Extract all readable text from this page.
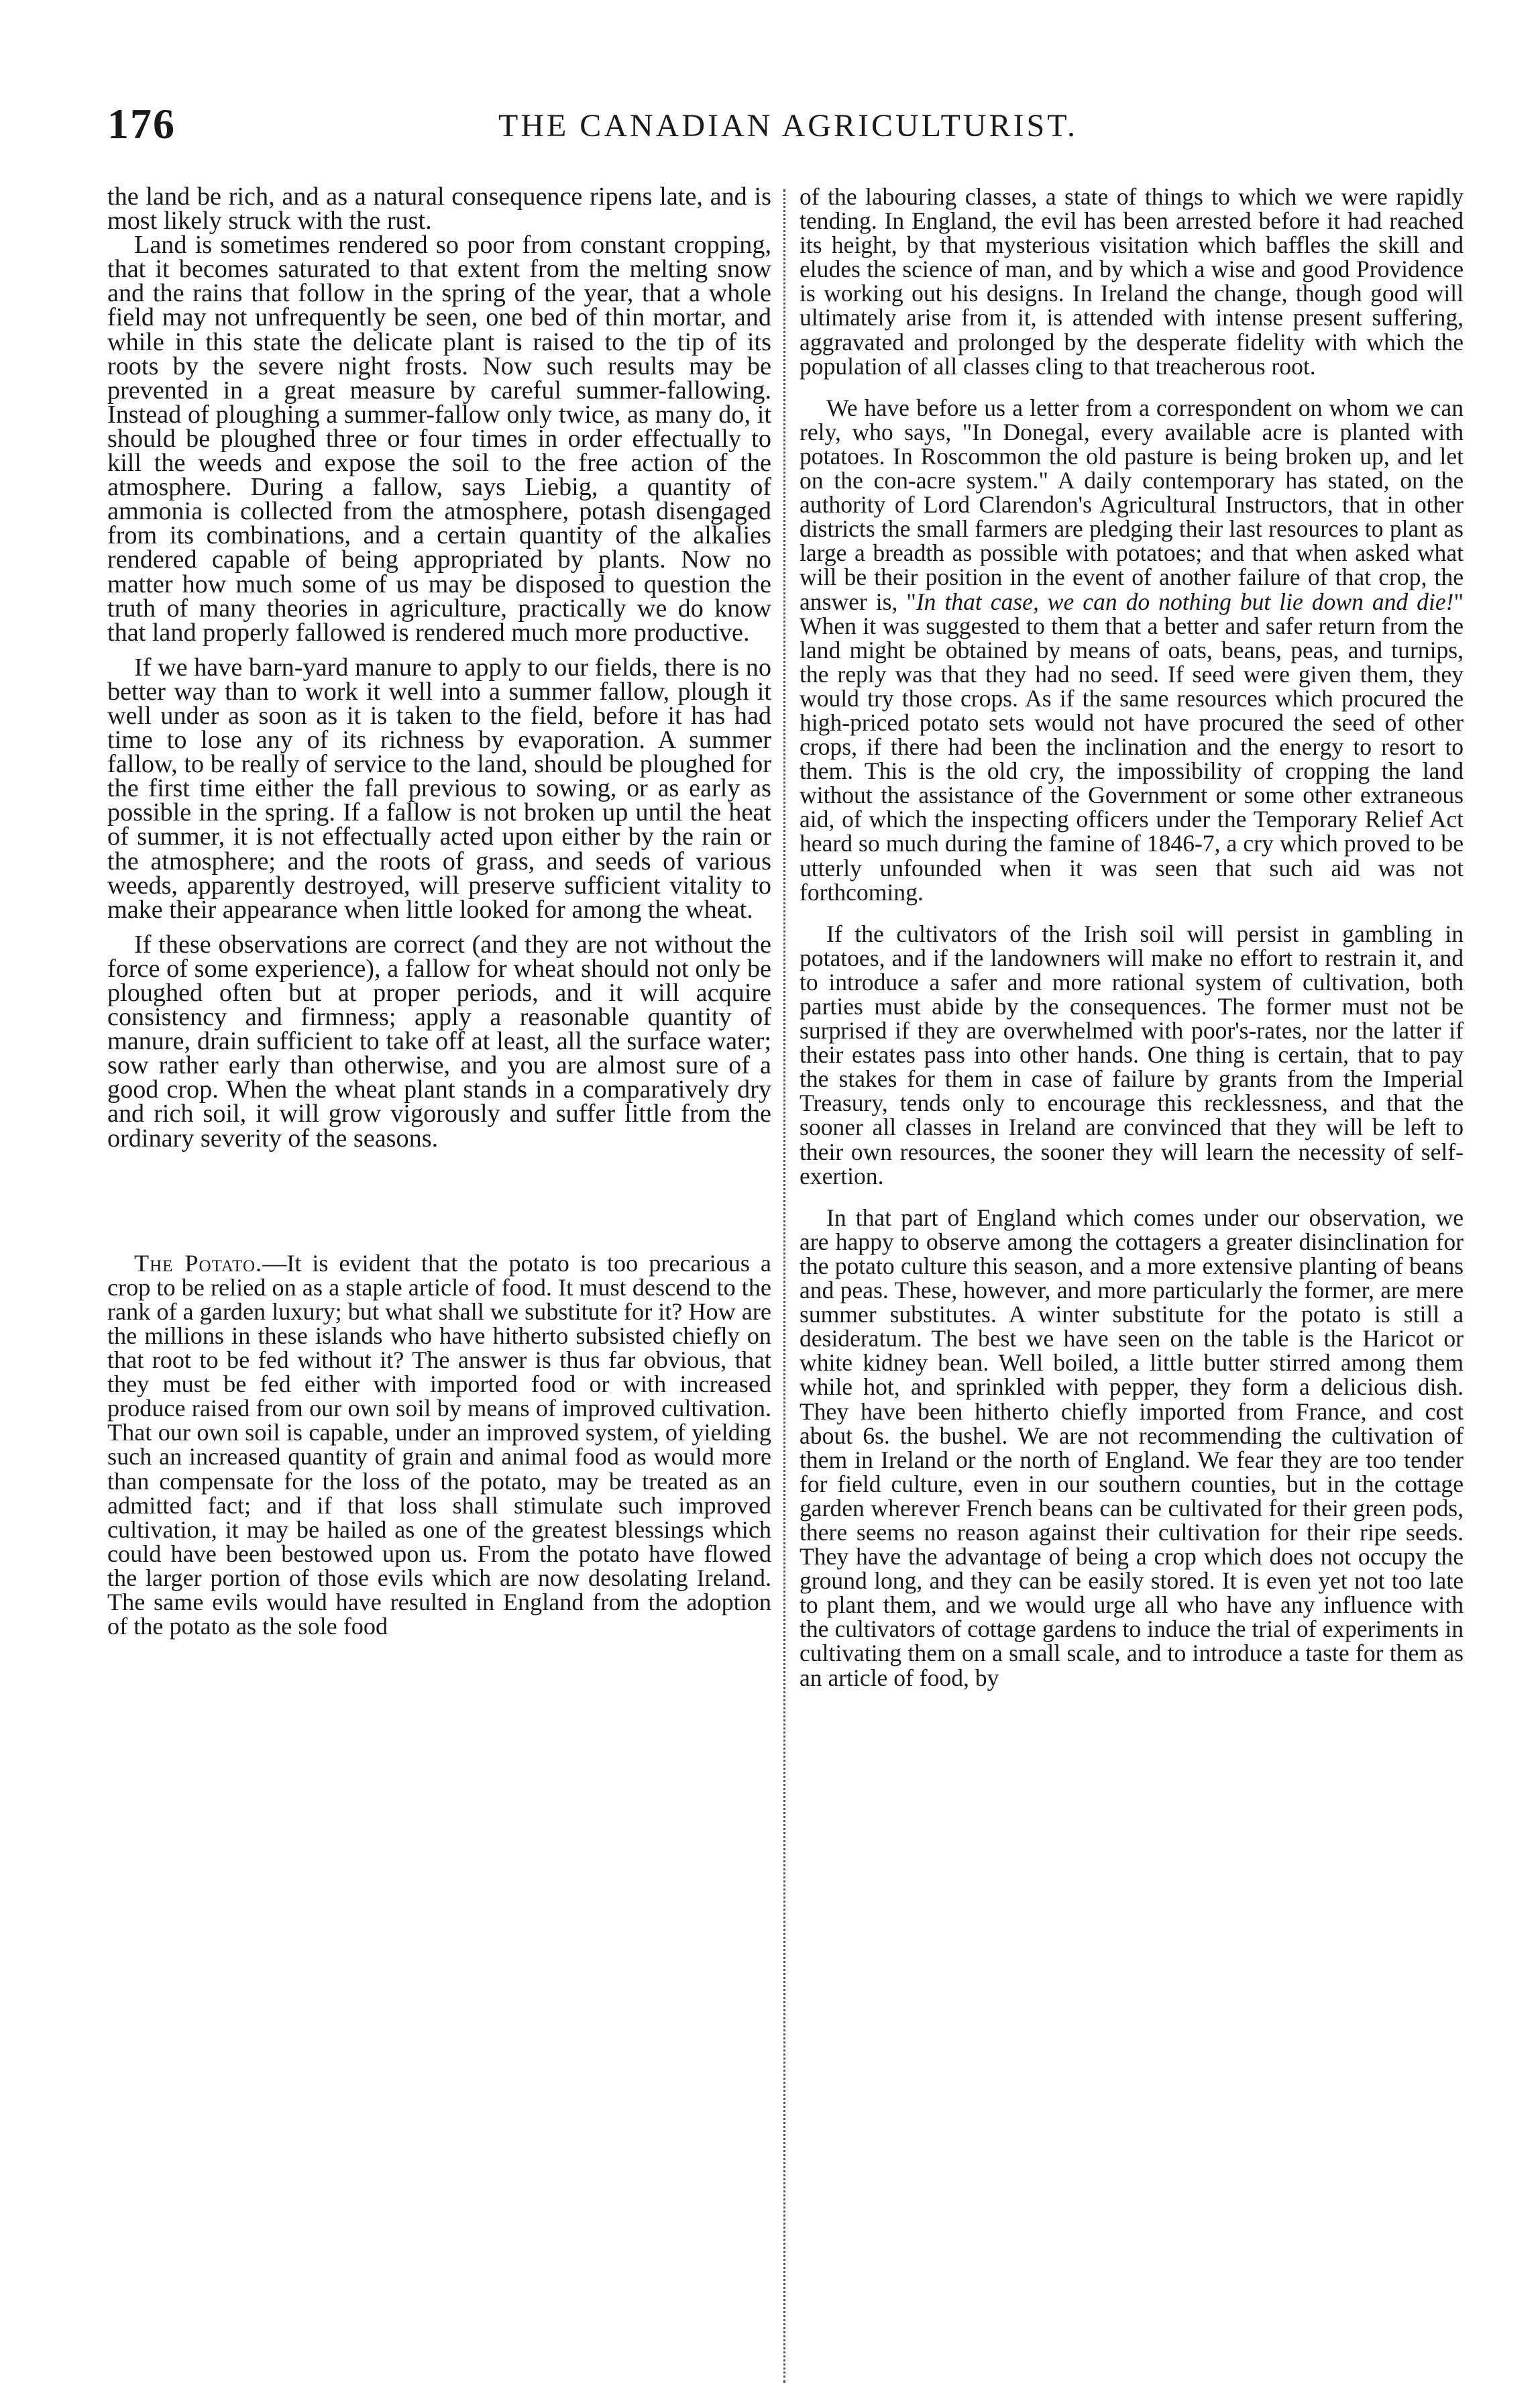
176	THE CANADIAN AGRICULTURIST.

the land be rich, and as a natural consequence ripens late, and is most likely struck with the rust.

Land is sometimes rendered so poor from constant cropping, that it becomes saturated to that extent from the melting snow and the rains that follow in the spring of the year, that a whole field may not unfrequently be seen, one bed of thin mortar, and while in this state the delicate plant is raised to the tip of its roots by the severe night frosts. Now such results may be prevented in a great measure by careful summer-fallowing. Instead of ploughing a summer-fallow only twice, as many do, it should be ploughed three or four times in order effectually to kill the weeds and expose the soil to the free action of the atmosphere. During a fallow, says Liebig, a quantity of ammonia is collected from the atmosphere, potash disengaged from its combinations, and a certain quantity of the alkalies rendered capable of being appropriated by plants. Now no matter how much some of us may be disposed to question the truth of many theories in agriculture, practically we do know that land properly fallowed is rendered much more productive.

If we have barn-yard manure to apply to our fields, there is no better way than to work it well into a summer fallow, plough it well under as soon as it is taken to the field, before it has had time to lose any of its richness by evaporation. A summer fallow, to be really of service to the land, should be ploughed for the first time either the fall previous to sowing, or as early as possible in the spring. If a fallow is not broken up until the heat of summer, it is not effectually acted upon either by the rain or the atmosphere; and the roots of grass, and seeds of various weeds, apparently destroyed, will preserve sufficient vitality to make their appearance when little looked for among the wheat.

If these observations are correct (and they are not without the force of some experience), a fallow for wheat should not only be ploughed often but at proper periods, and it will acquire consistency and firmness; apply a reasonable quantity of manure, drain sufficient to take off at least, all the surface water; sow rather early than otherwise, and you are almost sure of a good crop. When the wheat plant stands in a comparatively dry and rich soil, it will grow vigorously and suffer little from the ordinary severity of the seasons.

The Potato.—It is evident that the potato is too precarious a crop to be relied on as a staple article of food. It must descend to the rank of a garden luxury; but what shall we substitute for it? How are the millions in these islands who have hitherto subsisted chiefly on that root to be fed without it? The answer is thus far obvious, that they must be fed either with imported food or with increased produce raised from our own soil by means of improved cultivation. That our own soil is capable, under an improved system, of yielding such an increased quantity of grain and animal food as would more than compensate for the loss of the potato, may be treated as an admitted fact; and if that loss shall stimulate such improved cultivation, it may be hailed as one of the greatest blessings which could have been bestowed upon us. From the potato have flowed the larger portion of those evils which are now desolating Ireland. The same evils would have resulted in England from the adoption of the potato as the sole food

of the labouring classes, a state of things to which we were rapidly tending. In England, the evil has been arrested before it had reached its height, by that mysterious visitation which baffles the skill and eludes the science of man, and by which a wise and good Providence is working out his designs. In Ireland the change, though good will ultimately arise from it, is attended with intense present suffering, aggravated and prolonged by the desperate fidelity with which the population of all classes cling to that treacherous root.

We have before us a letter from a correspondent on whom we can rely, who says, "In Donegal, every available acre is planted with potatoes. In Roscommon the old pasture is being broken up, and let on the con-acre system." A daily contemporary has stated, on the authority of Lord Clarendon's Agricultural Instructors, that in other districts the small farmers are pledging their last resources to plant as large a breadth as possible with potatoes; and that when asked what will be their position in the event of another failure of that crop, the answer is, "In that case, we can do nothing but lie down and die!" When it was suggested to them that a better and safer return from the land might be obtained by means of oats, beans, peas, and turnips, the reply was that they had no seed. If seed were given them, they would try those crops. As if the same resources which procured the high-priced potato sets would not have procured the seed of other crops, if there had been the inclination and the energy to resort to them. This is the old cry, the impossibility of cropping the land without the assistance of the Government or some other extraneous aid, of which the inspecting officers under the Temporary Relief Act heard so much during the famine of 1846-7, a cry which proved to be utterly unfounded when it was seen that such aid was not forthcoming.

If the cultivators of the Irish soil will persist in gambling in potatoes, and if the landowners will make no effort to restrain it, and to introduce a safer and more rational system of cultivation, both parties must abide by the consequences. The former must not be surprised if they are overwhelmed with poor's-rates, nor the latter if their estates pass into other hands. One thing is certain, that to pay the stakes for them in case of failure by grants from the Imperial Treasury, tends only to encourage this recklessness, and that the sooner all classes in Ireland are convinced that they will be left to their own resources, the sooner they will learn the necessity of self-exertion.

In that part of England which comes under our observation, we are happy to observe among the cottagers a greater disinclination for the potato culture this season, and a more extensive planting of beans and peas. These, however, and more particularly the former, are mere summer substitutes. A winter substitute for the potato is still a desideratum. The best we have seen on the table is the Haricot or white kidney bean. Well boiled, a little butter stirred among them while hot, and sprinkled with pepper, they form a delicious dish. They have been hitherto chiefly imported from France, and cost about 6s. the bushel. We are not recommending the cultivation of them in Ireland or the north of England. We fear they are too tender for field culture, even in our southern counties, but in the cottage garden wherever French beans can be cultivated for their green pods, there seems no reason against their cultivation for their ripe seeds. They have the advantage of being a crop which does not occupy the ground long, and they can be easily stored. It is even yet not too late to plant them, and we would urge all who have any influence with the cultivators of cottage gardens to induce the trial of experiments in cultivating them on a small scale, and to introduce a taste for them as an article of food, by
